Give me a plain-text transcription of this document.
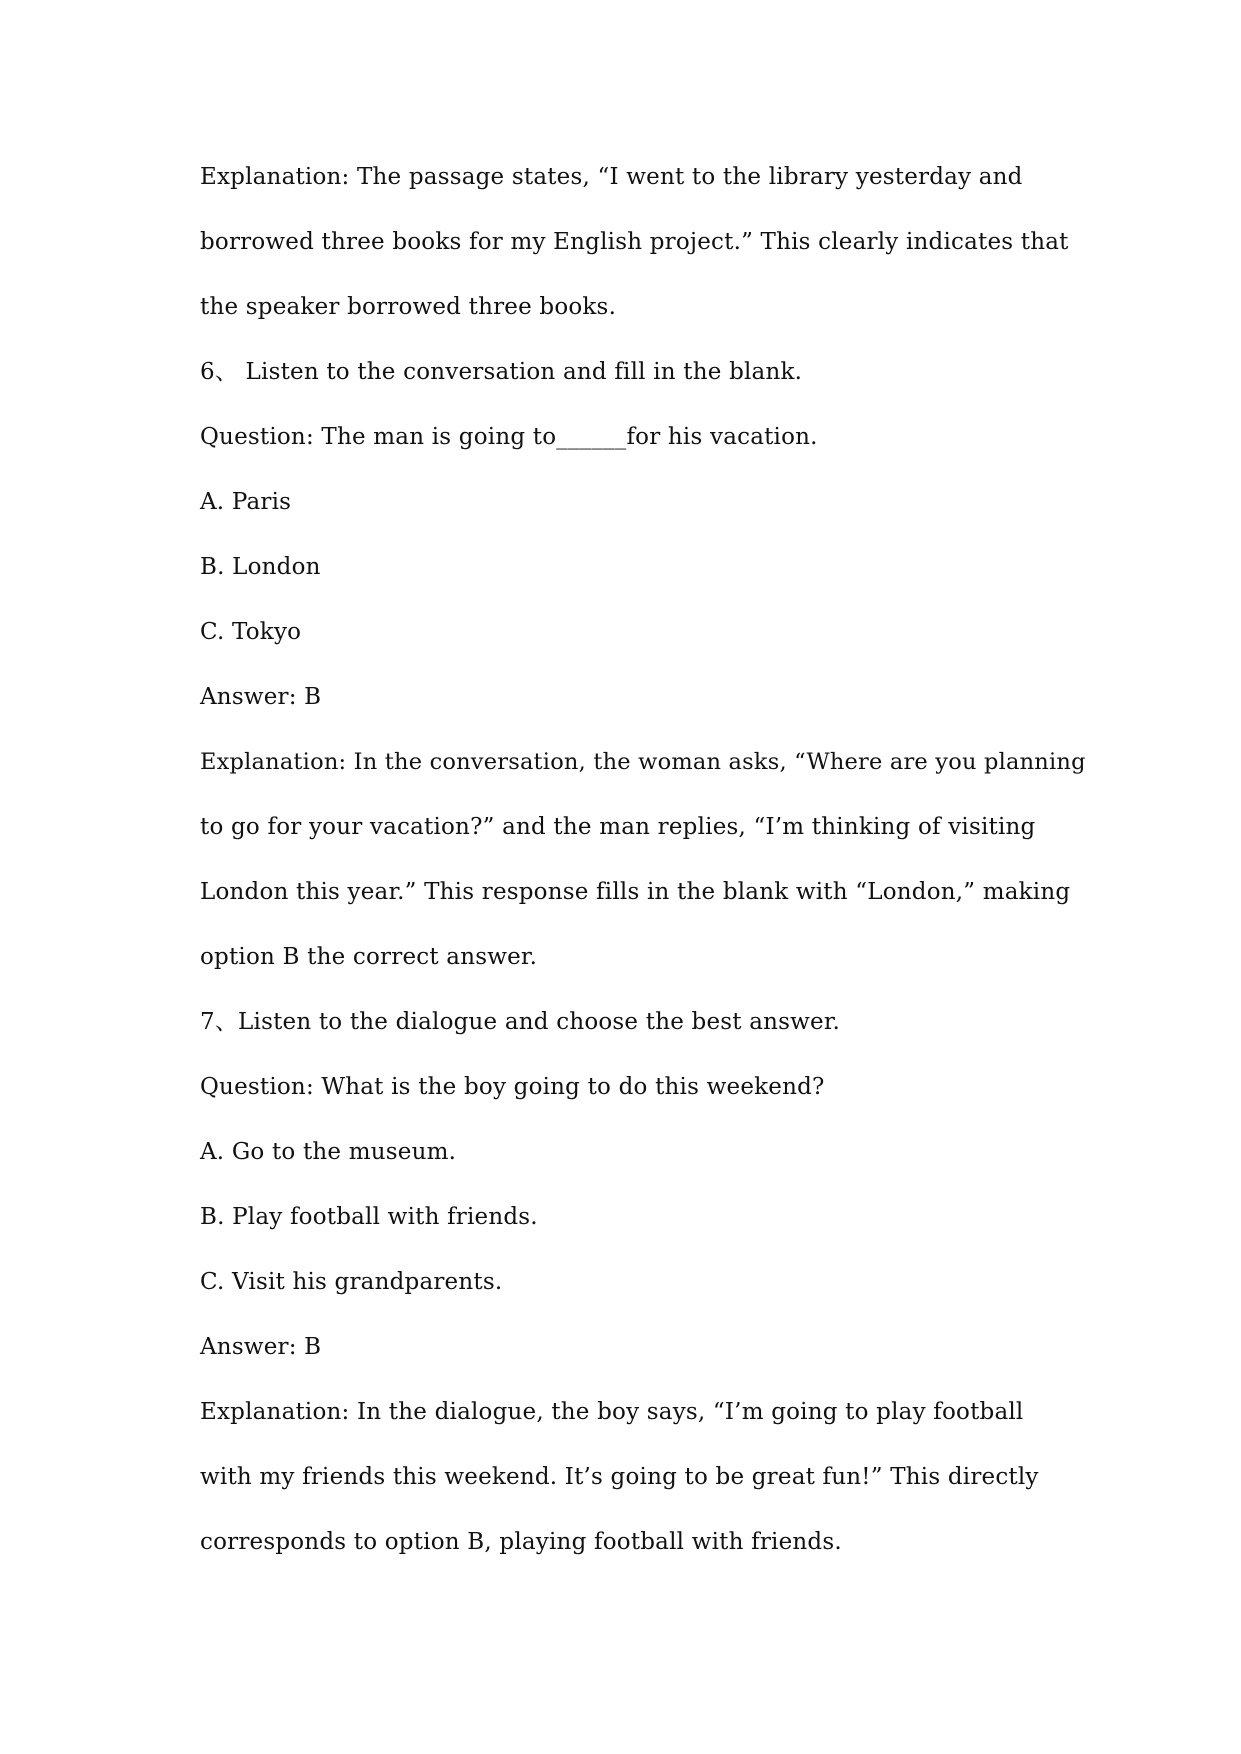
Explanation: The passage states, “I went to the library yesterday and
borrowed three books for my English project.” This clearly indicates that
the speaker borrowed three books.
6、 Listen to the conversation and fill in the blank.
Question: The man is going to______for his vacation.
A. Paris
B. London
C. Tokyo
Answer: B
Explanation: In the conversation, the woman asks, “Where are you planning
to go for your vacation?” and the man replies, “I’m thinking of visiting
London this year.” This response fills in the blank with “London,” making
option B the correct answer.
7、Listen to the dialogue and choose the best answer.
Question: What is the boy going to do this weekend?
A. Go to the museum.
B. Play football with friends.
C. Visit his grandparents.
Answer: B
Explanation: In the dialogue, the boy says, “I’m going to play football
with my friends this weekend. It’s going to be great fun!” This directly
corresponds to option B, playing football with friends.
